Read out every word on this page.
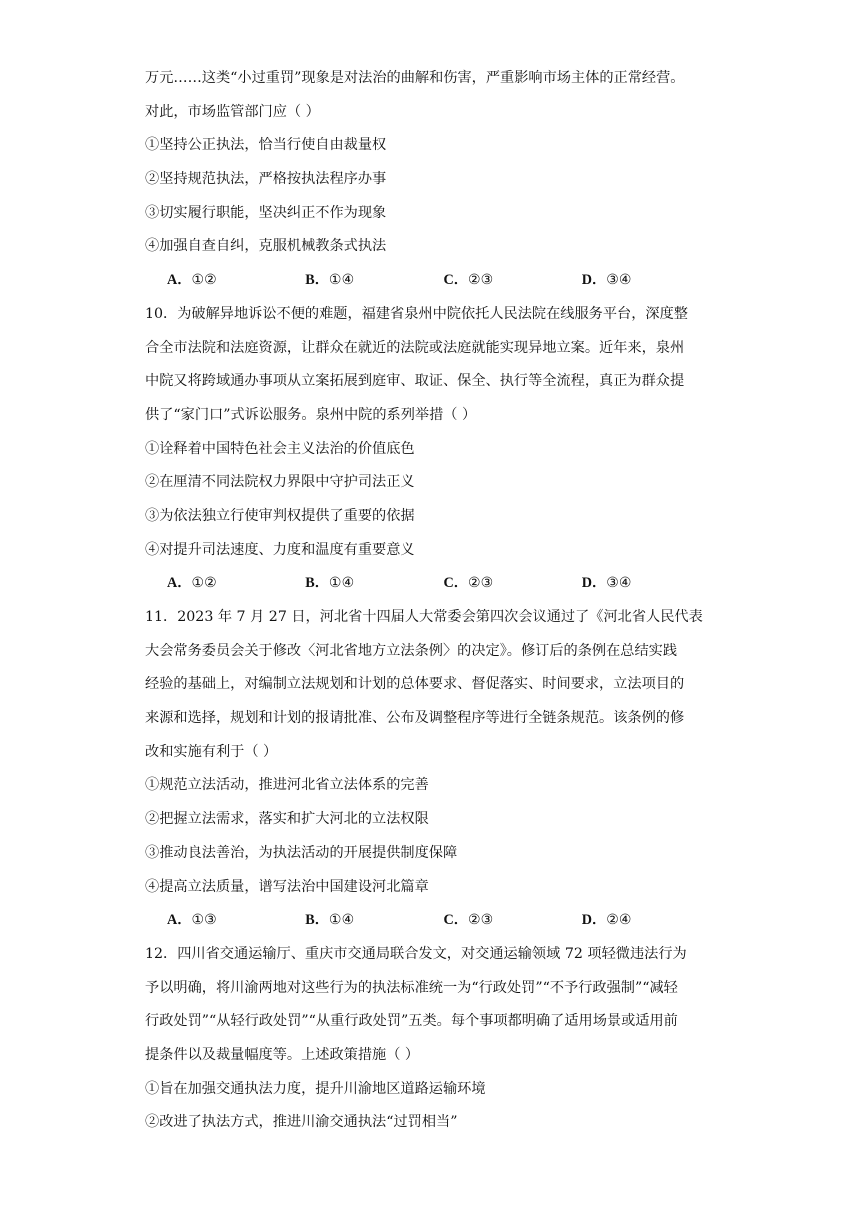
万元……这类“小过重罚”现象是对法治的曲解和伤害，严重影响市场主体的正常经营。
对此，市场监管部门应（ ）
①坚持公正执法，恰当行使自由裁量权
②坚持规范执法，严格按执法程序办事
③切实履行职能，坚决纠正不作为现象
④加强自查自纠，克服机械教条式执法
A．①②	B．①④	C．②③	D．③④
10．为破解异地诉讼不便的难题，福建省泉州中院依托人民法院在线服务平台，深度整
合全市法院和法庭资源，让群众在就近的法院或法庭就能实现异地立案。近年来，泉州
中院又将跨域通办事项从立案拓展到庭审、取证、保全、执行等全流程，真正为群众提
供了“家门口”式诉讼服务。泉州中院的系列举措（ ）
①诠释着中国特色社会主义法治的价值底色
②在厘清不同法院权力界限中守护司法正义
③为依法独立行使审判权提供了重要的依据
④对提升司法速度、力度和温度有重要意义
A．①②	B．①④	C．②③	D．③④
11．2023 年 7 月 27 日，河北省十四届人大常委会第四次会议通过了《河北省人民代表
大会常务委员会关于修改〈河北省地方立法条例〉的决定》。修订后的条例在总结实践
经验的基础上，对编制立法规划和计划的总体要求、督促落实、时间要求，立法项目的
来源和选择，规划和计划的报请批准、公布及调整程序等进行全链条规范。该条例的修
改和实施有利于（ ）
①规范立法活动，推进河北省立法体系的完善
②把握立法需求，落实和扩大河北的立法权限
③推动良法善治，为执法活动的开展提供制度保障
④提高立法质量，谱写法治中国建设河北篇章
A．①③	B．①④	C．②③	D．②④
12．四川省交通运输厅、重庆市交通局联合发文，对交通运输领域 72 项轻微违法行为
予以明确，将川渝两地对这些行为的执法标准统一为“行政处罚”“不予行政强制”“减轻
行政处罚”“从轻行政处罚”“从重行政处罚”五类。每个事项都明确了适用场景或适用前
提条件以及裁量幅度等。上述政策措施（ ）
①旨在加强交通执法力度，提升川渝地区道路运输环境
②改进了执法方式，推进川渝交通执法“过罚相当”
